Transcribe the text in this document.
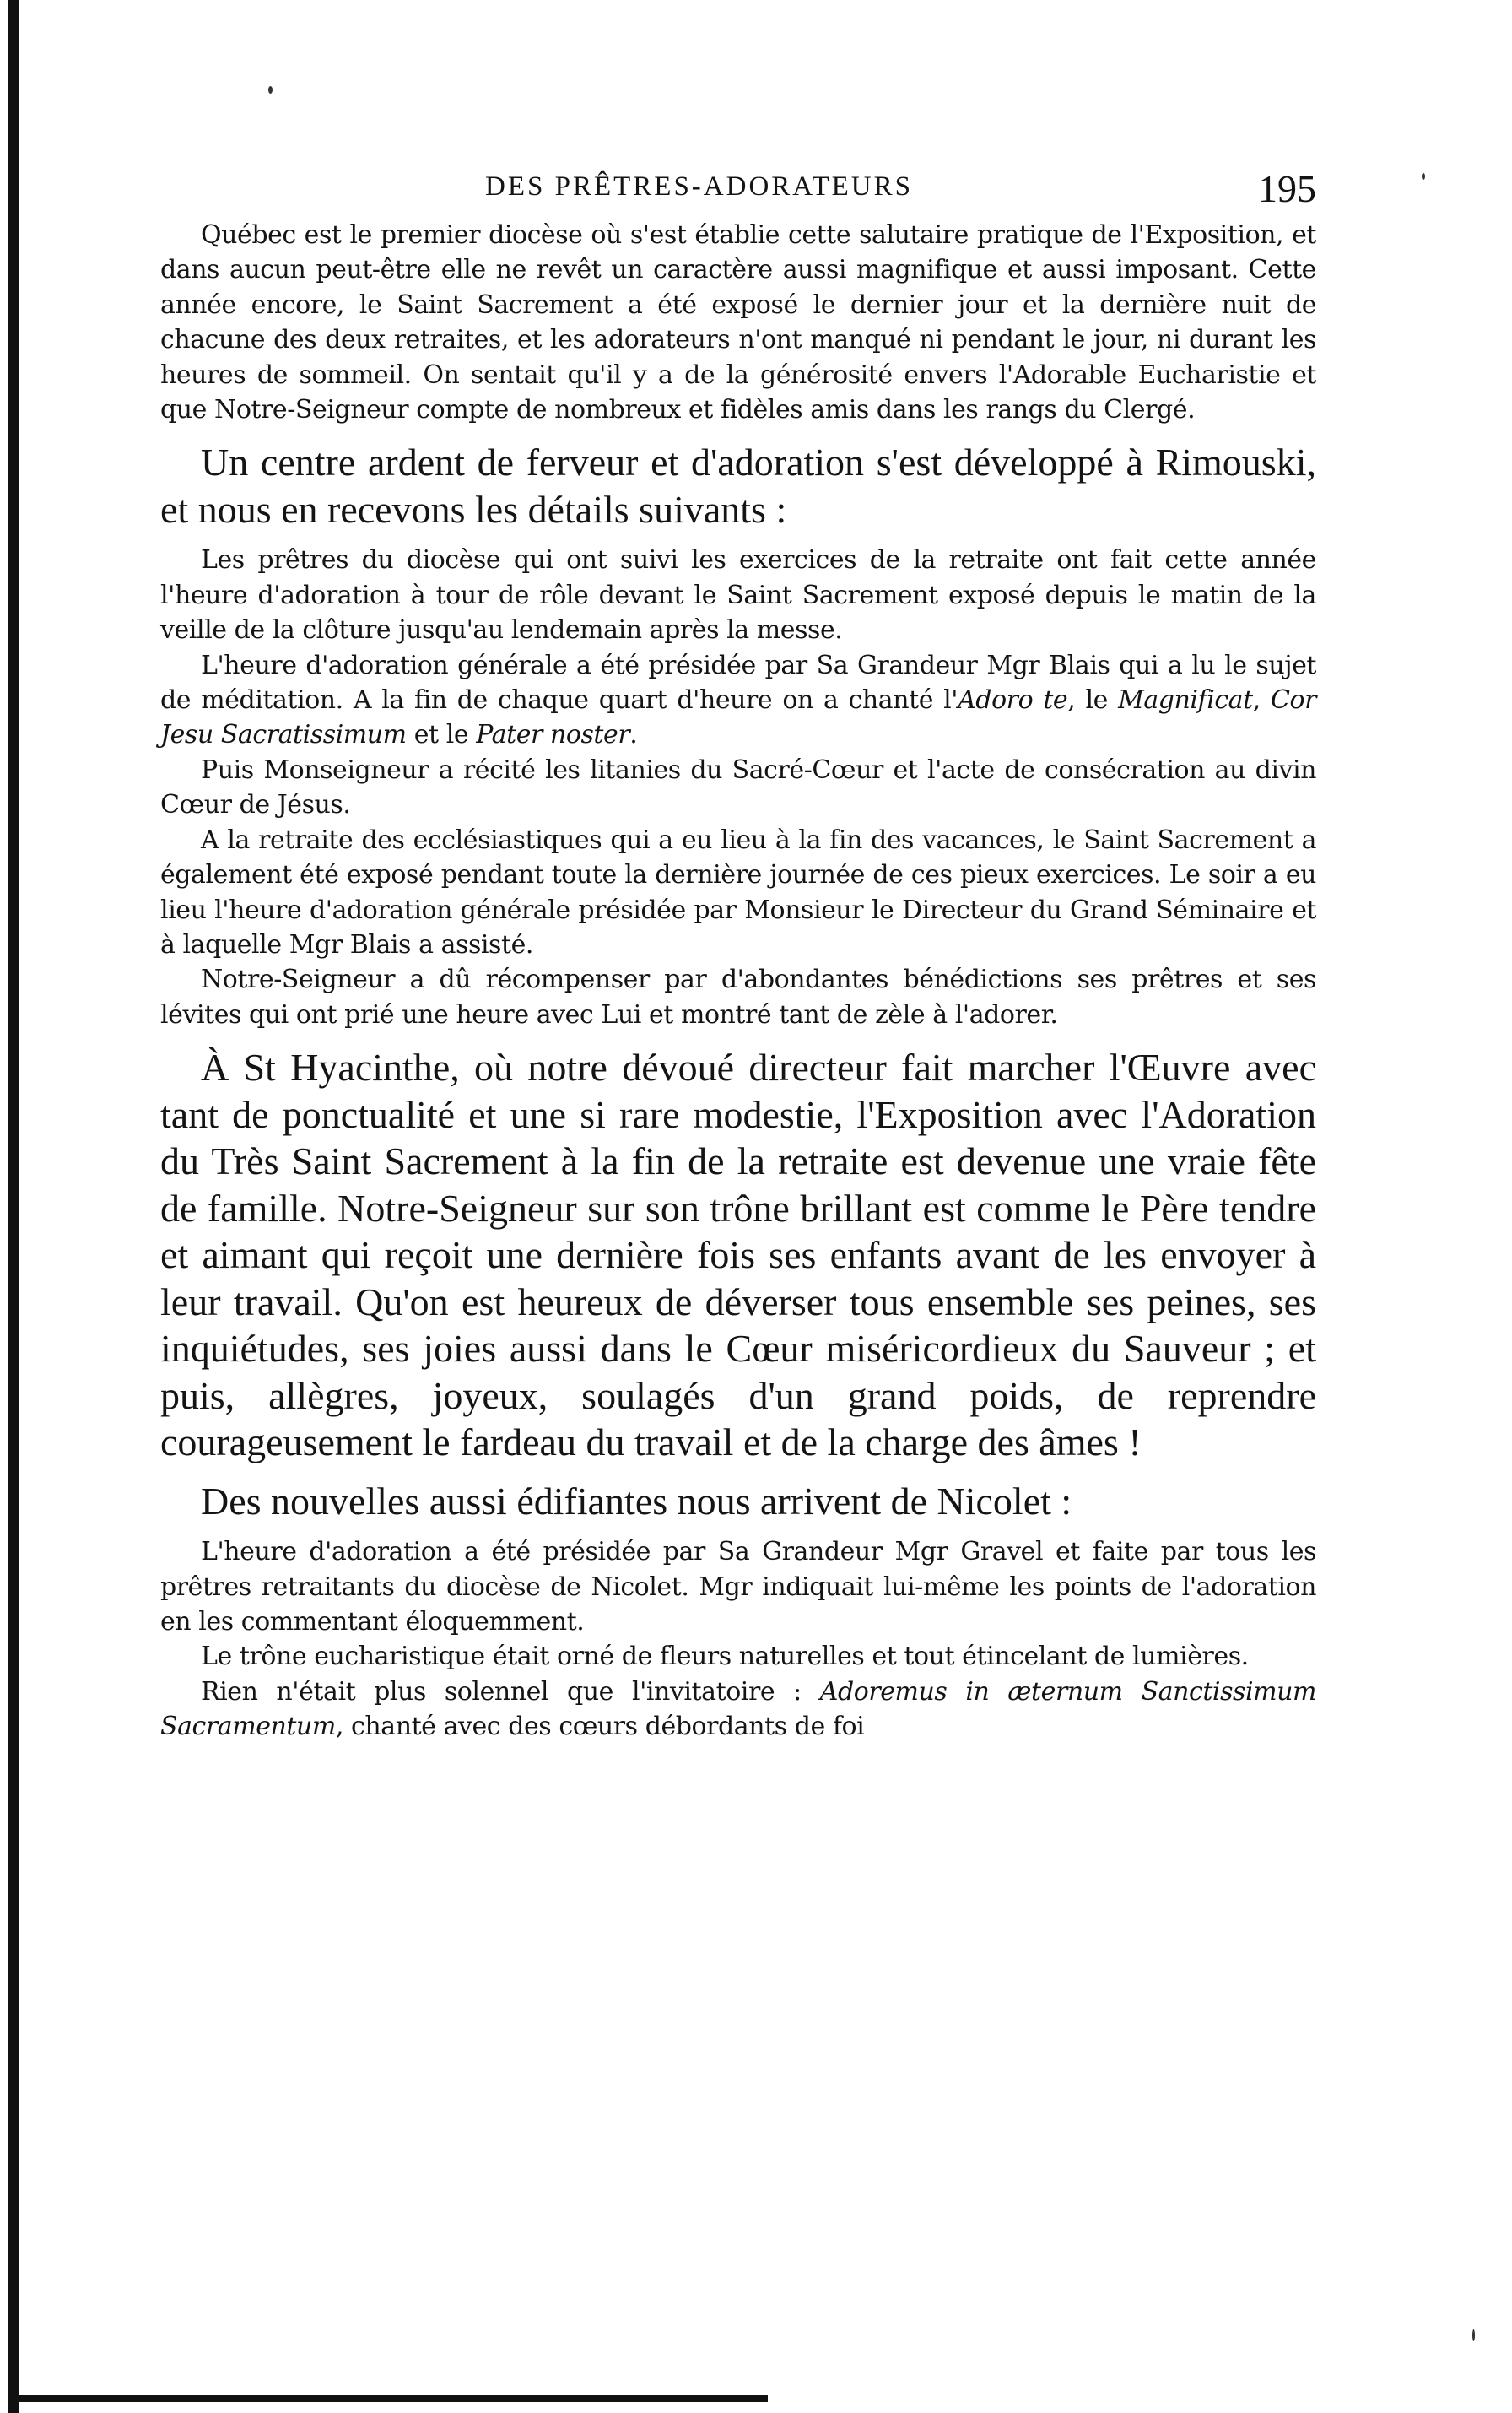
DES PRÊTRES-ADORATEURS	195

Québec est le premier diocèse où s'est établie cette salutaire pratique de l'Exposition, et dans aucun peut-être elle ne revêt un caractère aussi magnifique et aussi imposant. Cette année encore, le Saint Sacrement a été exposé le dernier jour et la dernière nuit de chacune des deux retraites, et les adorateurs n'ont manqué ni pendant le jour, ni durant les heures de sommeil. On sentait qu'il y a de la générosité envers l'Adorable Eucharistie et que Notre-Seigneur compte de nombreux et fidèles amis dans les rangs du Clergé.

Un centre ardent de ferveur et d'adoration s'est développé à Rimouski, et nous en recevons les détails suivants :

Les prêtres du diocèse qui ont suivi les exercices de la retraite ont fait cette année l'heure d'adoration à tour de rôle devant le Saint Sacrement exposé depuis le matin de la veille de la clôture jusqu'au lendemain après la messe.

L'heure d'adoration générale a été présidée par Sa Grandeur Mgr Blais qui a lu le sujet de méditation. A la fin de chaque quart d'heure on a chanté l'Adoro te, le Magnificat, Cor Jesu Sacratissimum et le Pater noster.

Puis Monseigneur a récité les litanies du Sacré-Cœur et l'acte de consécration au divin Cœur de Jésus.

A la retraite des ecclésiastiques qui a eu lieu à la fin des vacances, le Saint Sacrement a également été exposé pendant toute la dernière journée de ces pieux exercices. Le soir a eu lieu l'heure d'adoration générale présidée par Monsieur le Directeur du Grand Séminaire et à laquelle Mgr Blais a assisté.

Notre-Seigneur a dû récompenser par d'abondantes bénédictions ses prêtres et ses lévites qui ont prié une heure avec Lui et montré tant de zèle à l'adorer.

À St Hyacinthe, où notre dévoué directeur fait marcher l'Œuvre avec tant de ponctualité et une si rare modestie, l'Exposition avec l'Adoration du Très Saint Sacrement à la fin de la retraite est devenue une vraie fête de famille. Notre-Seigneur sur son trône brillant est comme le Père tendre et aimant qui reçoit une dernière fois ses enfants avant de les envoyer à leur travail. Qu'on est heureux de déverser tous ensemble ses peines, ses inquiétudes, ses joies aussi dans le Cœur miséricordieux du Sauveur ; et puis, allègres, joyeux, soulagés d'un grand poids, de reprendre courageusement le fardeau du travail et de la charge des âmes !

Des nouvelles aussi édifiantes nous arrivent de Nicolet :

L'heure d'adoration a été présidée par Sa Grandeur Mgr Gravel et faite par tous les prêtres retraitants du diocèse de Nicolet. Mgr indiquait lui-même les points de l'adoration en les commentant éloquemment.

Le trône eucharistique était orné de fleurs naturelles et tout étincelant de lumières.

Rien n'était plus solennel que l'invitatoire : Adoremus in æternum Sanctissimum Sacramentum, chanté avec des cœurs débordants de foi
